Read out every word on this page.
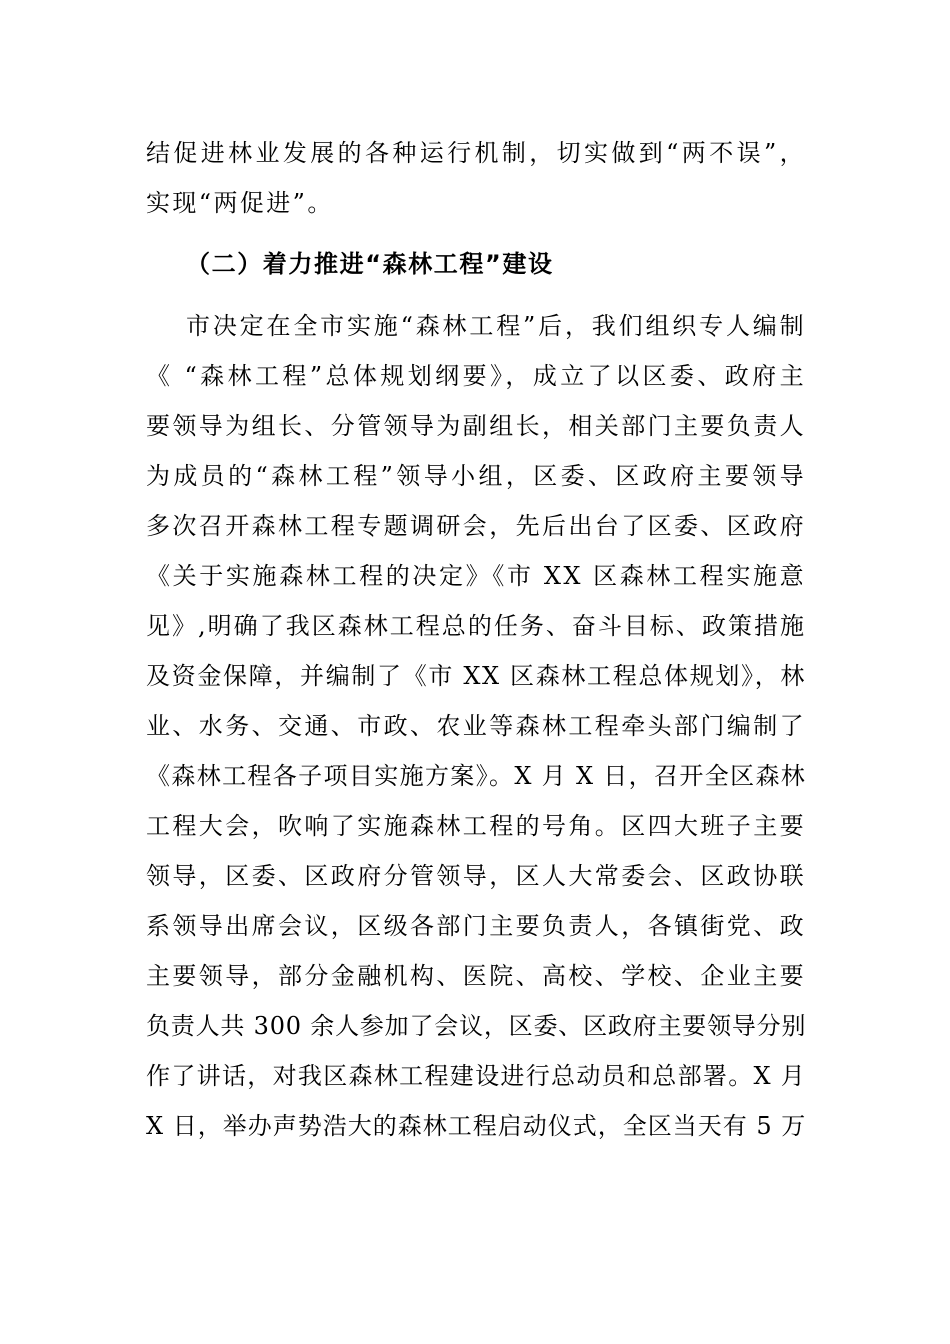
结促进林业发展的各种运行机制，切实做到“两不误”，
实现“两促进”。
（二）着力推进“森林工程”建设
市决定在全市实施“森林工程”后，我们组织专人编制
《 “森林工程”总体规划纲要》，成立了以区委、政府主
要领导为组长、分管领导为副组长，相关部门主要负责人
为成员的“森林工程”领导小组，区委、区政府主要领导
多次召开森林工程专题调研会，先后出台了区委、区政府
《关于实施森林工程的决定》《市 XX 区森林工程实施意
见》,明确了我区森林工程总的任务、奋斗目标、政策措施
及资金保障，并编制了《市 XX 区森林工程总体规划》，林
业、水务、交通、市政、农业等森林工程牵头部门编制了
《森林工程各子项目实施方案》。X 月 X 日，召开全区森林
工程大会，吹响了实施森林工程的号角。区四大班子主要
领导，区委、区政府分管领导，区人大常委会、区政协联
系领导出席会议，区级各部门主要负责人，各镇街党、政
主要领导，部分金融机构、医院、高校、学校、企业主要
负责人共 300 余人参加了会议，区委、区政府主要领导分别
作了讲话，对我区森林工程建设进行总动员和总部署。X 月
X 日，举办声势浩大的森林工程启动仪式，全区当天有 5 万
